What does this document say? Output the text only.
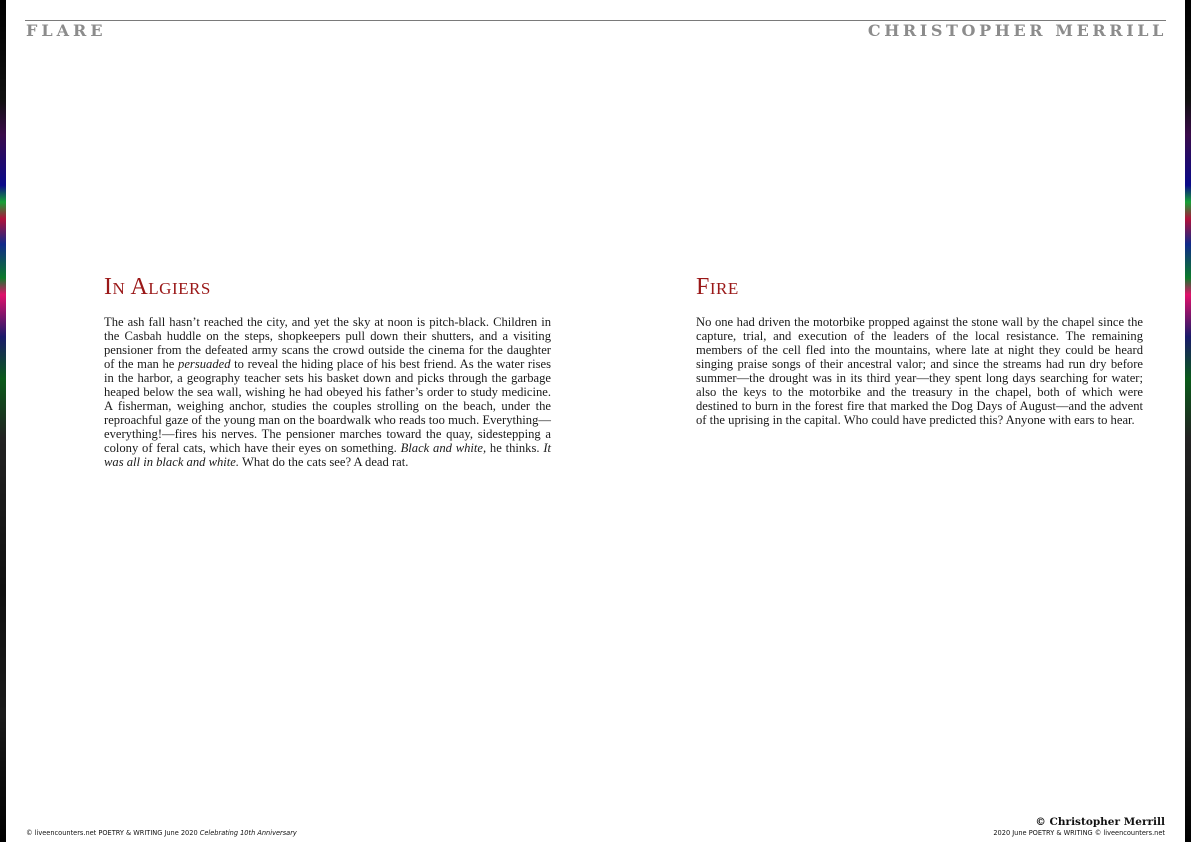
FLARE	CHRISTOPHER MERRILL
In Algiers

The ash fall hasn’t reached the city, and yet the sky at noon is pitch-black. Children in the Casbah huddle on the steps, shopkeepers pull down their shutters, and a visiting pensioner from the defeated army scans the crowd outside the cinema for the daughter of the man he persuaded to reveal the hiding place of his best friend. As the water rises in the harbor, a geography teacher sets his basket down and picks through the garbage heaped below the sea wall, wishing he had obeyed his father’s order to study medicine. A fisherman, weighing anchor, studies the couples strolling on the beach, under the reproachful gaze of the young man on the boardwalk who reads too much. Everything—everything!—fires his nerves. The pensioner marches toward the quay, sidestepping a colony of feral cats, which have their eyes on something. Black and white, he thinks. It was all in black and white. What do the cats see? A dead rat.

Fire

No one had driven the motorbike propped against the stone wall by the chapel since the capture, trial, and execution of the leaders of the local resistance. The remaining members of the cell fled into the mountains, where late at night they could be heard singing praise songs of their ancestral valor; and since the streams had run dry before summer—the drought was in its third year—they spent long days searching for water; also the keys to the motorbike and the treasury in the chapel, both of which were destined to burn in the forest fire that marked the Dog Days of August—and the advent of the uprising in the capital. Who could have predicted this? Anyone with ears to hear.

© liveencounters.net POETRY & WRITING June 2020 Celebrating 10th Anniversary
© Christopher Merrill
2020 June POETRY & WRITING © liveencounters.net
